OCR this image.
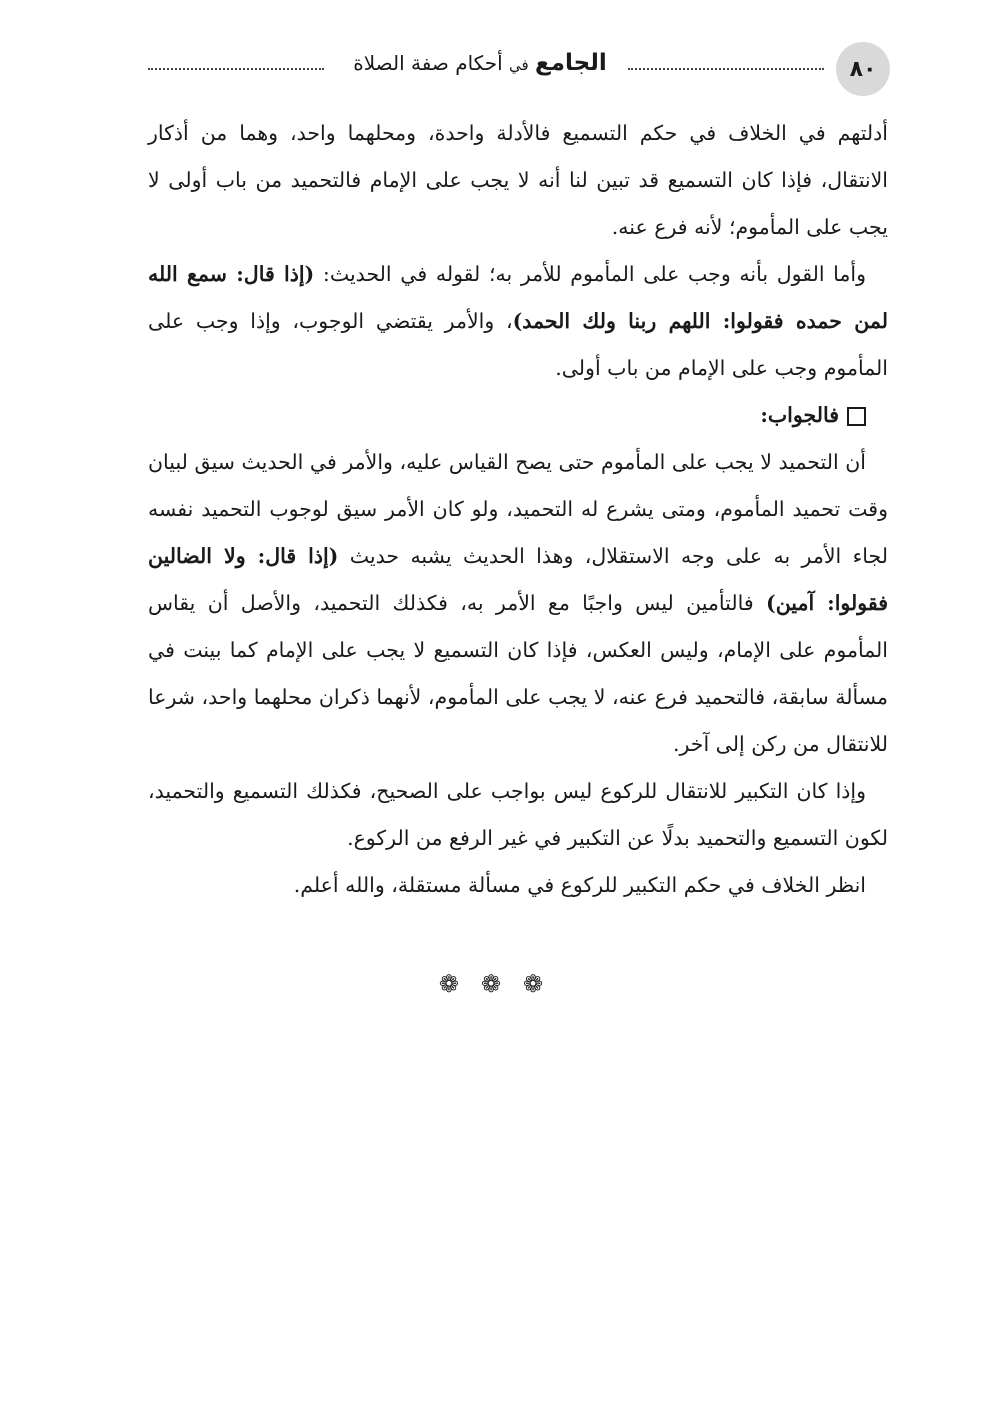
الجامع في أحكام صفة الصلاة	٨٠

أدلتهم في الخلاف في حكم التسميع فالأدلة واحدة، ومحلهما واحد، وهما من أذكار الانتقال، فإذا كان التسميع قد تبين لنا أنه لا يجب على الإمام فالتحميد من باب أولى لا يجب على المأموم؛ لأنه فرع عنه.

وأما القول بأنه وجب على المأموم للأمر به؛ لقوله في الحديث: (إذا قال: سمع الله لمن حمده فقولوا: اللهم ربنا ولك الحمد)، والأمر يقتضي الوجوب، وإذا وجب على المأموم وجب على الإمام من باب أولى.

فالجواب:

أن التحميد لا يجب على المأموم حتى يصح القياس عليه، والأمر في الحديث سيق لبيان وقت تحميد المأموم، ومتى يشرع له التحميد، ولو كان الأمر سيق لوجوب التحميد نفسه لجاء الأمر به على وجه الاستقلال، وهذا الحديث يشبه حديث (إذا قال: ولا الضالين فقولوا: آمين) فالتأمين ليس واجبًا مع الأمر به، فكذلك التحميد، والأصل أن يقاس المأموم على الإمام، وليس العكس، فإذا كان التسميع لا يجب على الإمام كما بينت في مسألة سابقة، فالتحميد فرع عنه، لا يجب على المأموم، لأنهما ذكران محلهما واحد، شرعا للانتقال من ركن إلى آخر.

وإذا كان التكبير للانتقال للركوع ليس بواجب على الصحيح، فكذلك التسميع والتحميد، لكون التسميع والتحميد بدلًا عن التكبير في غير الرفع من الركوع.

انظر الخلاف في حكم التكبير للركوع في مسألة مستقلة، والله أعلم.

❁❁❁
